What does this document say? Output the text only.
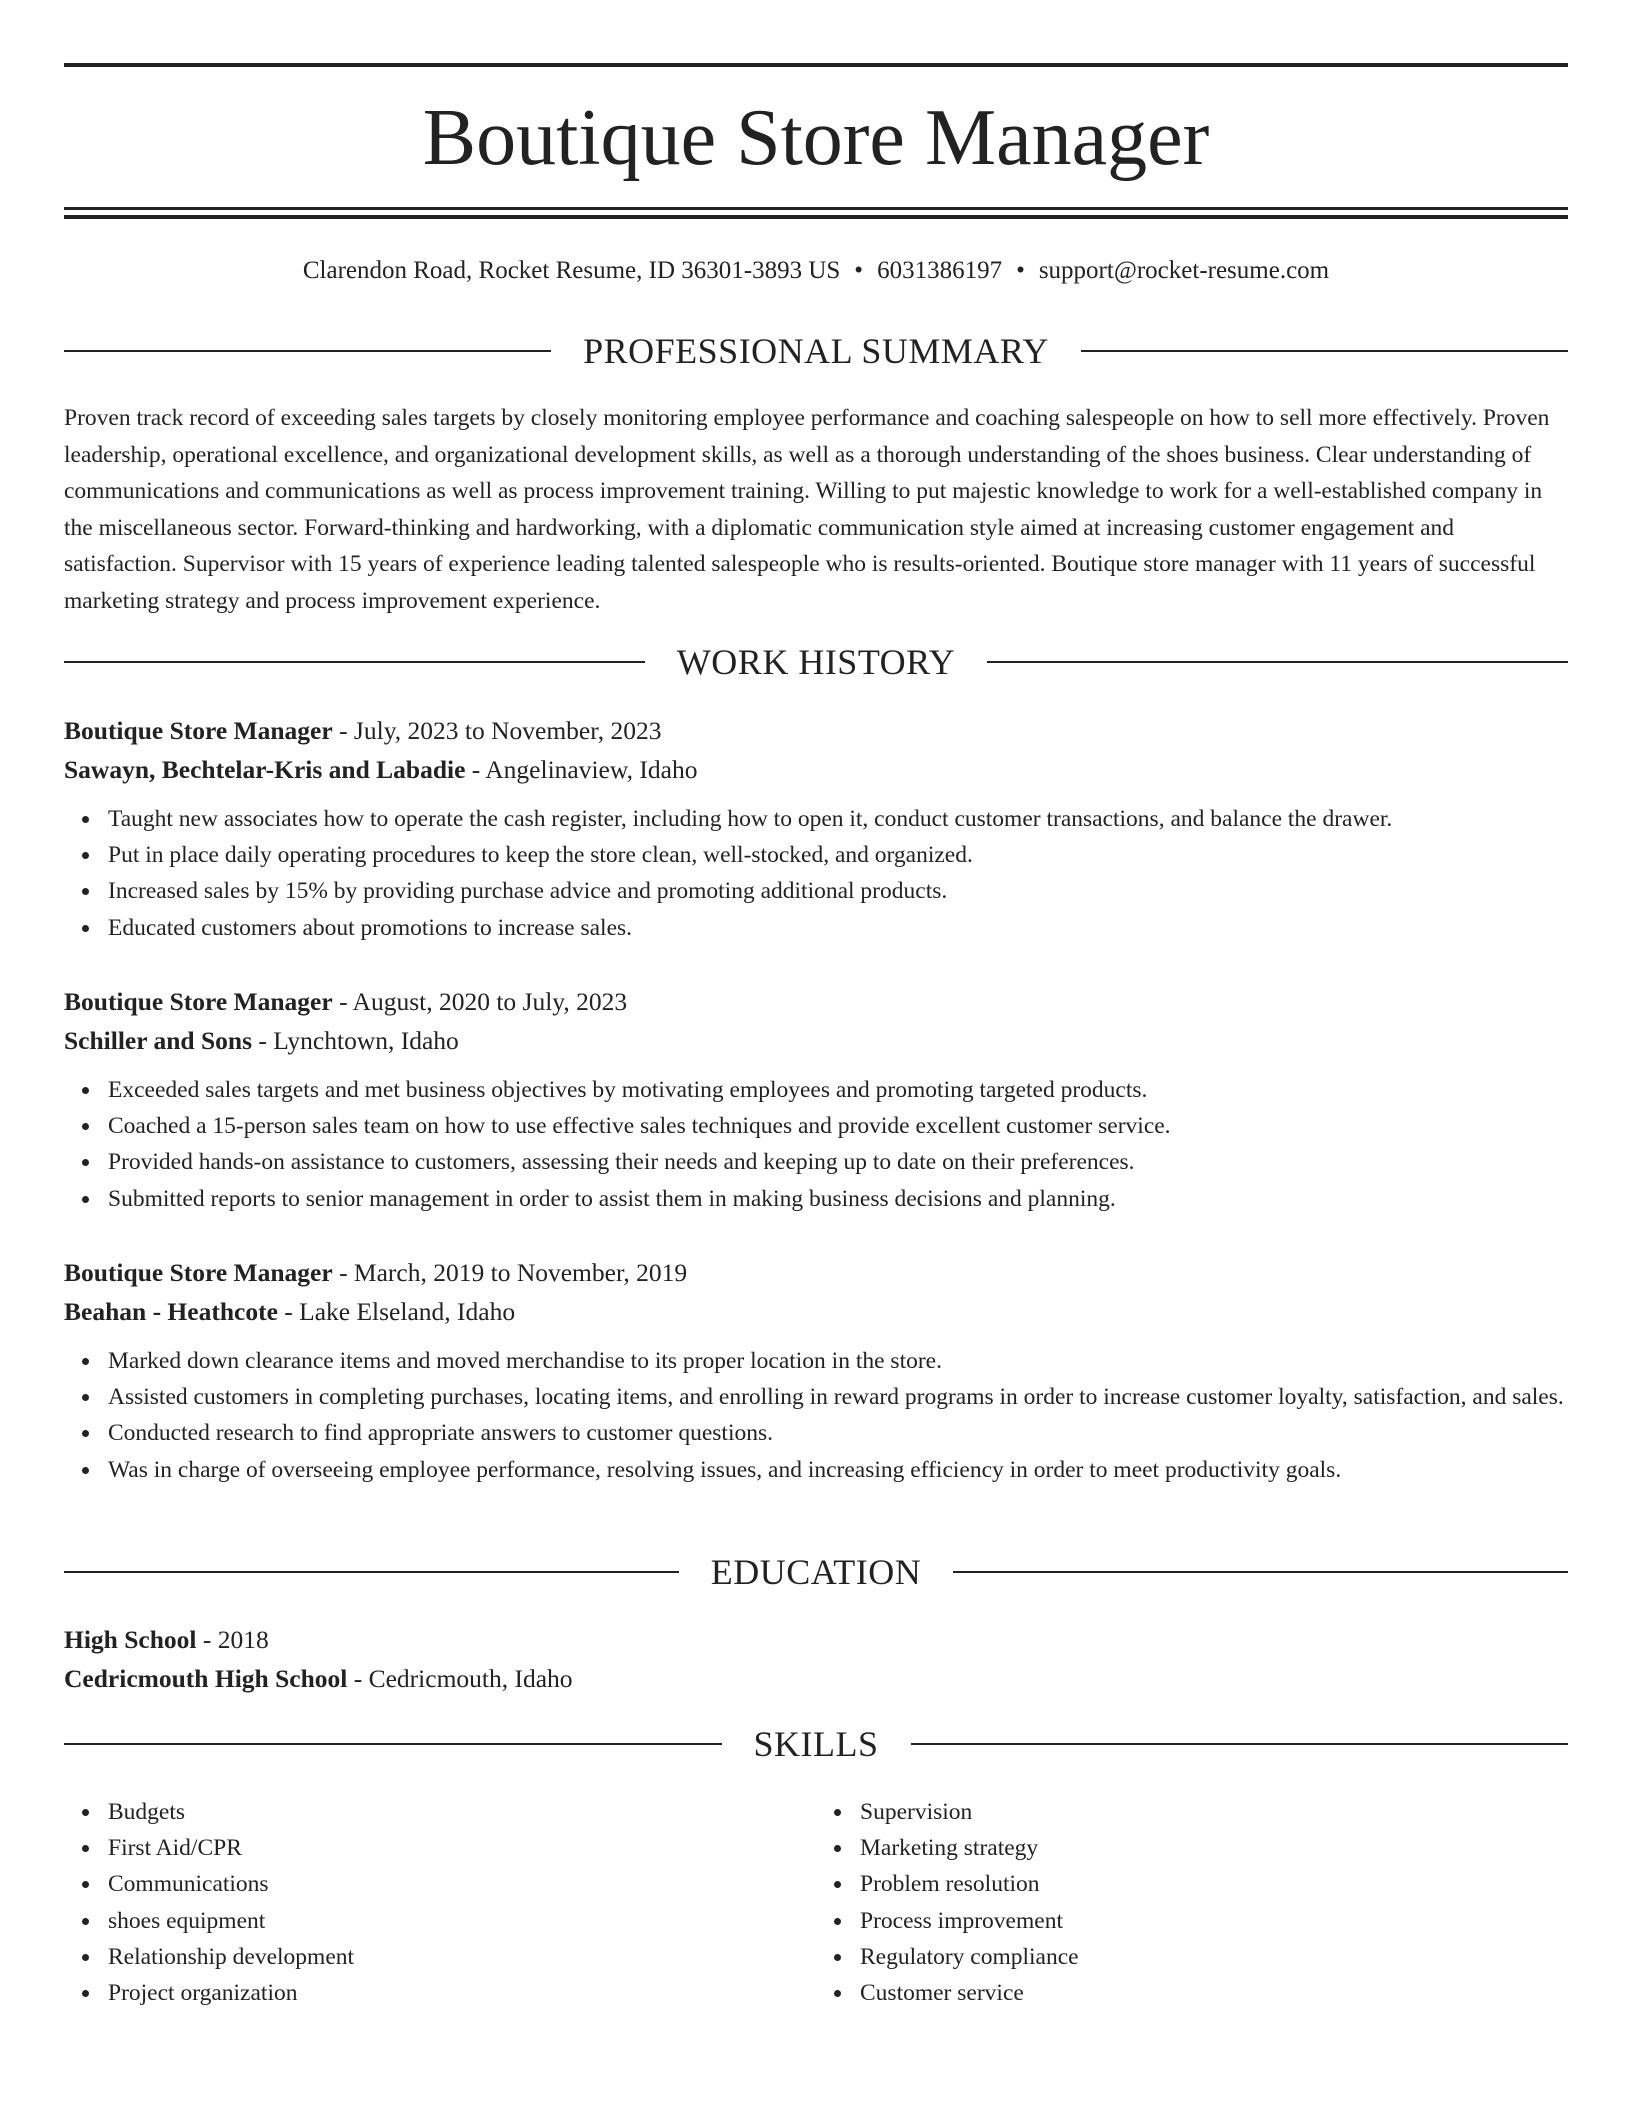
Boutique Store Manager
Clarendon Road, Rocket Resume, ID 36301-3893 US • 6031386197 • support@rocket-resume.com
PROFESSIONAL SUMMARY

Proven track record of exceeding sales targets by closely monitoring employee performance and coaching salespeople on how to sell more effectively. Proven leadership, operational excellence, and organizational development skills, as well as a thorough understanding of the shoes business. Clear understanding of communications and communications as well as process improvement training. Willing to put majestic knowledge to work for a well-established company in the miscellaneous sector. Forward-thinking and hardworking, with a diplomatic communication style aimed at increasing customer engagement and satisfaction. Supervisor with 15 years of experience leading talented salespeople who is results-oriented. Boutique store manager with 11 years of successful marketing strategy and process improvement experience.

WORK HISTORY
Boutique Store Manager - July, 2023 to November, 2023
Sawayn, Bechtelar-Kris and Labadie - Angelinaview, Idaho
Taught new associates how to operate the cash register, including how to open it, conduct customer transactions, and balance the drawer.
Put in place daily operating procedures to keep the store clean, well-stocked, and organized.
Increased sales by 15% by providing purchase advice and promoting additional products.
Educated customers about promotions to increase sales.
Boutique Store Manager - August, 2020 to July, 2023
Schiller and Sons - Lynchtown, Idaho
Exceeded sales targets and met business objectives by motivating employees and promoting targeted products.
Coached a 15-person sales team on how to use effective sales techniques and provide excellent customer service.
Provided hands-on assistance to customers, assessing their needs and keeping up to date on their preferences.
Submitted reports to senior management in order to assist them in making business decisions and planning.
Boutique Store Manager - March, 2019 to November, 2019
Beahan - Heathcote - Lake Elseland, Idaho
Marked down clearance items and moved merchandise to its proper location in the store.
Assisted customers in completing purchases, locating items, and enrolling in reward programs in order to increase customer loyalty, satisfaction, and sales.
Conducted research to find appropriate answers to customer questions.
Was in charge of overseeing employee performance, resolving issues, and increasing efficiency in order to meet productivity goals.
EDUCATION
High School - 2018
Cedricmouth High School - Cedricmouth, Idaho
SKILLS
Budgets
First Aid/CPR
Communications
shoes equipment
Relationship development
Project organization
Supervision
Marketing strategy
Problem resolution
Process improvement
Regulatory compliance
Customer service
